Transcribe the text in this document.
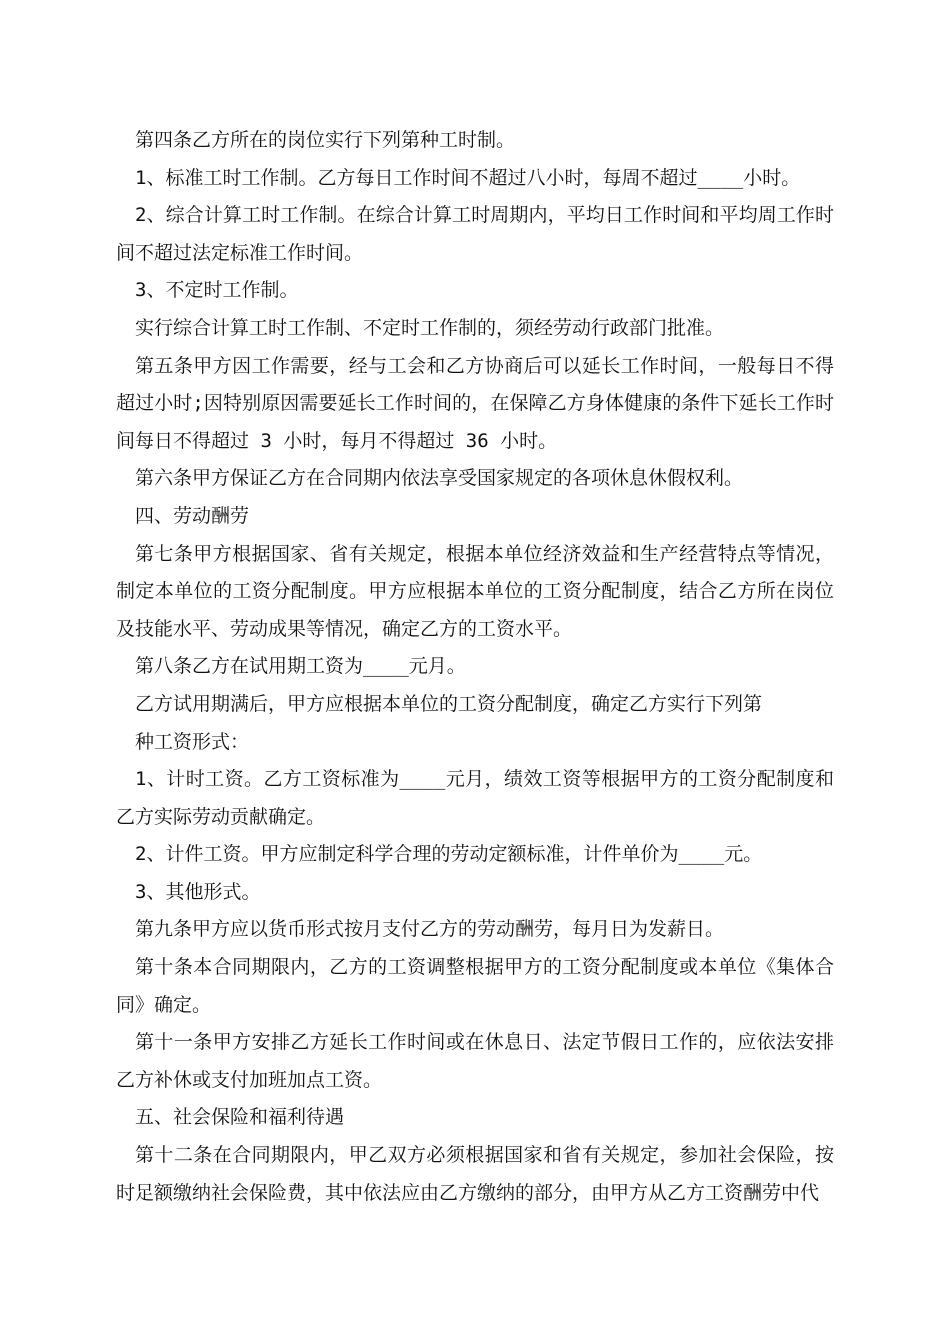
第四条乙方所在的岗位实行下列第种工时制。

1、标准工时工作制。乙方每日工作时间不超过八小时，每周不超过____小时。

2、综合计算工时工作制。在综合计算工时周期内，平均日工作时间和平均周工作时间不超过法定标准工作时间。

3、不定时工作制。

实行综合计算工时工作制、不定时工作制的，须经劳动行政部门批准。

第五条甲方因工作需要，经与工会和乙方协商后可以延长工作时间，一般每日不得超过小时;因特别原因需要延长工作时间的，在保障乙方身体健康的条件下延长工作时间每日不得超过 3 小时，每月不得超过 36 小时。

第六条甲方保证乙方在合同期内依法享受国家规定的各项休息休假权利。

四、劳动酬劳

第七条甲方根据国家、省有关规定，根据本单位经济效益和生产经营特点等情况，制定本单位的工资分配制度。甲方应根据本单位的工资分配制度，结合乙方所在岗位及技能水平、劳动成果等情况，确定乙方的工资水平。

第八条乙方在试用期工资为____元月。

乙方试用期满后，甲方应根据本单位的工资分配制度，确定乙方实行下列第

种工资形式：

1、计时工资。乙方工资标准为____元月，绩效工资等根据甲方的工资分配制度和乙方实际劳动贡献确定。

2、计件工资。甲方应制定科学合理的劳动定额标准，计件单价为____元。

3、其他形式。

第九条甲方应以货币形式按月支付乙方的劳动酬劳，每月日为发薪日。

第十条本合同期限内，乙方的工资调整根据甲方的工资分配制度或本单位《集体合同》确定。

第十一条甲方安排乙方延长工作时间或在休息日、法定节假日工作的，应依法安排乙方补休或支付加班加点工资。

五、社会保险和福利待遇

第十二条在合同期限内，甲乙双方必须根据国家和省有关规定，参加社会保险，按时足额缴纳社会保险费，其中依法应由乙方缴纳的部分，由甲方从乙方工资酬劳中代
